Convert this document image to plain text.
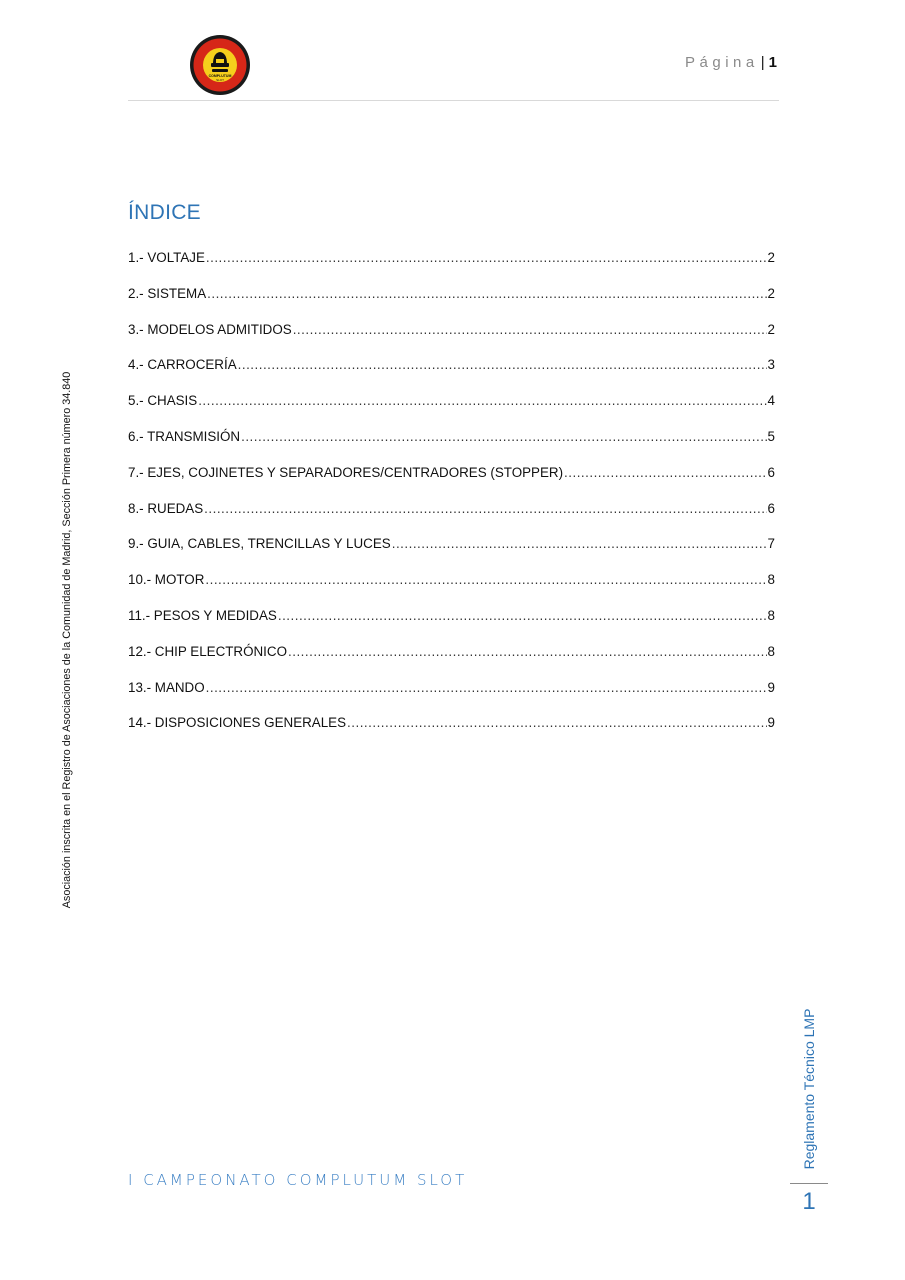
COMPLUTUM
SLOT
Página | 1
ÍNDICE
1.- VOLTAJE .....	2
2.- SISTEMA .....	2
3.- MODELOS ADMITIDOS .....	2
4.- CARROCERÍA .....	3
5.- CHASIS .....	4
6.- TRANSMISIÓN .....	5
7.- EJES, COJINETES Y SEPARADORES/CENTRADORES (STOPPER) .....	6
8.- RUEDAS .....	6
9.- GUIA, CABLES, TRENCILLAS Y LUCES .....	7
10.- MOTOR .....	8
11.- PESOS Y MEDIDAS .....	8
12.- CHIP ELECTRÓNICO .....	8
13.- MANDO .....	9
14.- DISPOSICIONES GENERALES .....	9
Asociación inscrita en el Registro de Asociaciones de la Comunidad de Madrid, Sección Primera número 34.840
Reglamento Técnico LMP
I CAMPEONATO COMPLUTUM SLOT
1
